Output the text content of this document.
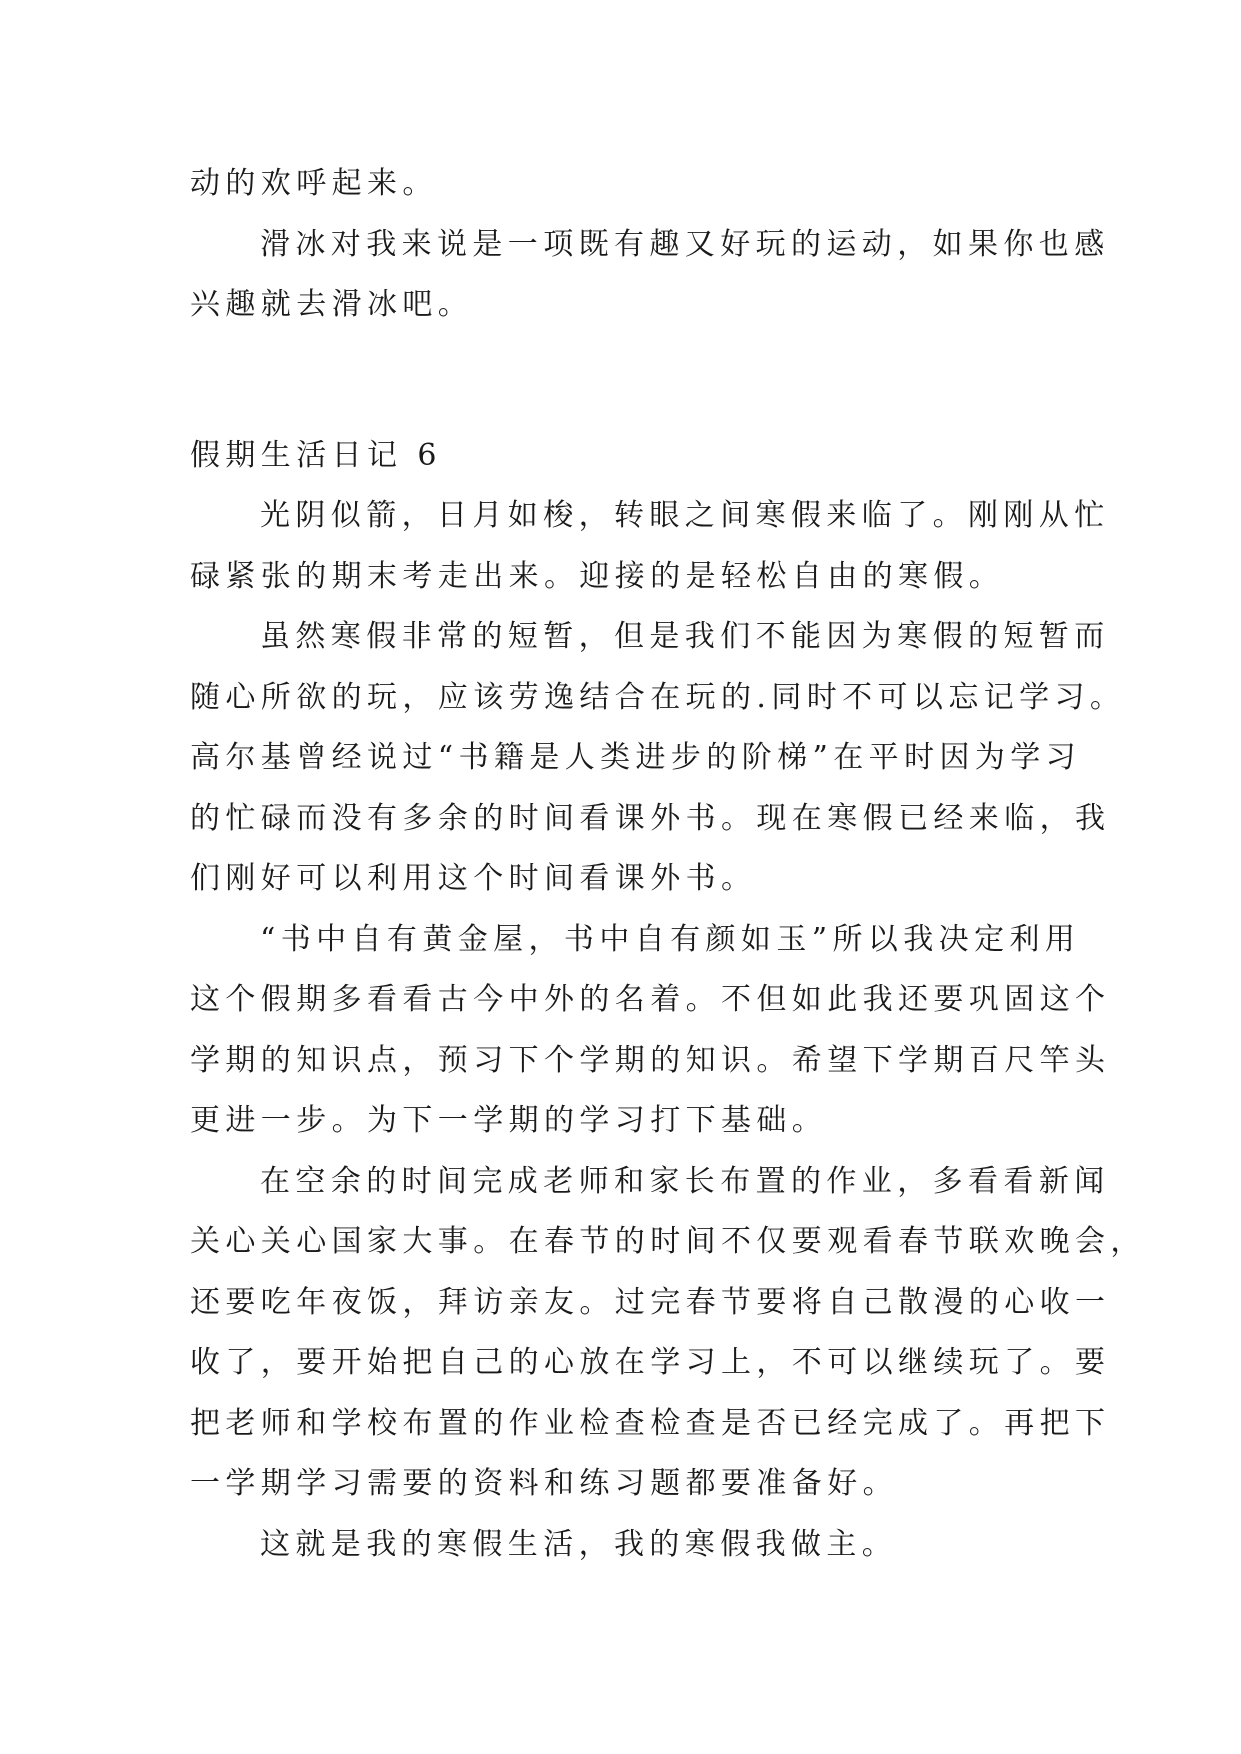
动的欢呼起来。
滑冰对我来说是一项既有趣又好玩的运动，如果你也感
兴趣就去滑冰吧。
假期生活日记 6
光阴似箭，日月如梭，转眼之间寒假来临了。刚刚从忙
碌紧张的期末考走出来。迎接的是轻松自由的寒假。
虽然寒假非常的短暂，但是我们不能因为寒假的短暂而
随心所欲的玩，应该劳逸结合在玩的.同时不可以忘记学习。
高尔基曾经说过“书籍是人类进步的阶梯”在平时因为学习
的忙碌而没有多余的时间看课外书。现在寒假已经来临，我
们刚好可以利用这个时间看课外书。
“书中自有黄金屋，书中自有颜如玉”所以我决定利用
这个假期多看看古今中外的名着。不但如此我还要巩固这个
学期的知识点，预习下个学期的知识。希望下学期百尺竿头
更进一步。为下一学期的学习打下基础。
在空余的时间完成老师和家长布置的作业，多看看新闻
关心关心国家大事。在春节的时间不仅要观看春节联欢晚会，
还要吃年夜饭，拜访亲友。过完春节要将自己散漫的心收一
收了，要开始把自己的心放在学习上，不可以继续玩了。要
把老师和学校布置的作业检查检查是否已经完成了。再把下
一学期学习需要的资料和练习题都要准备好。
这就是我的寒假生活，我的寒假我做主。
